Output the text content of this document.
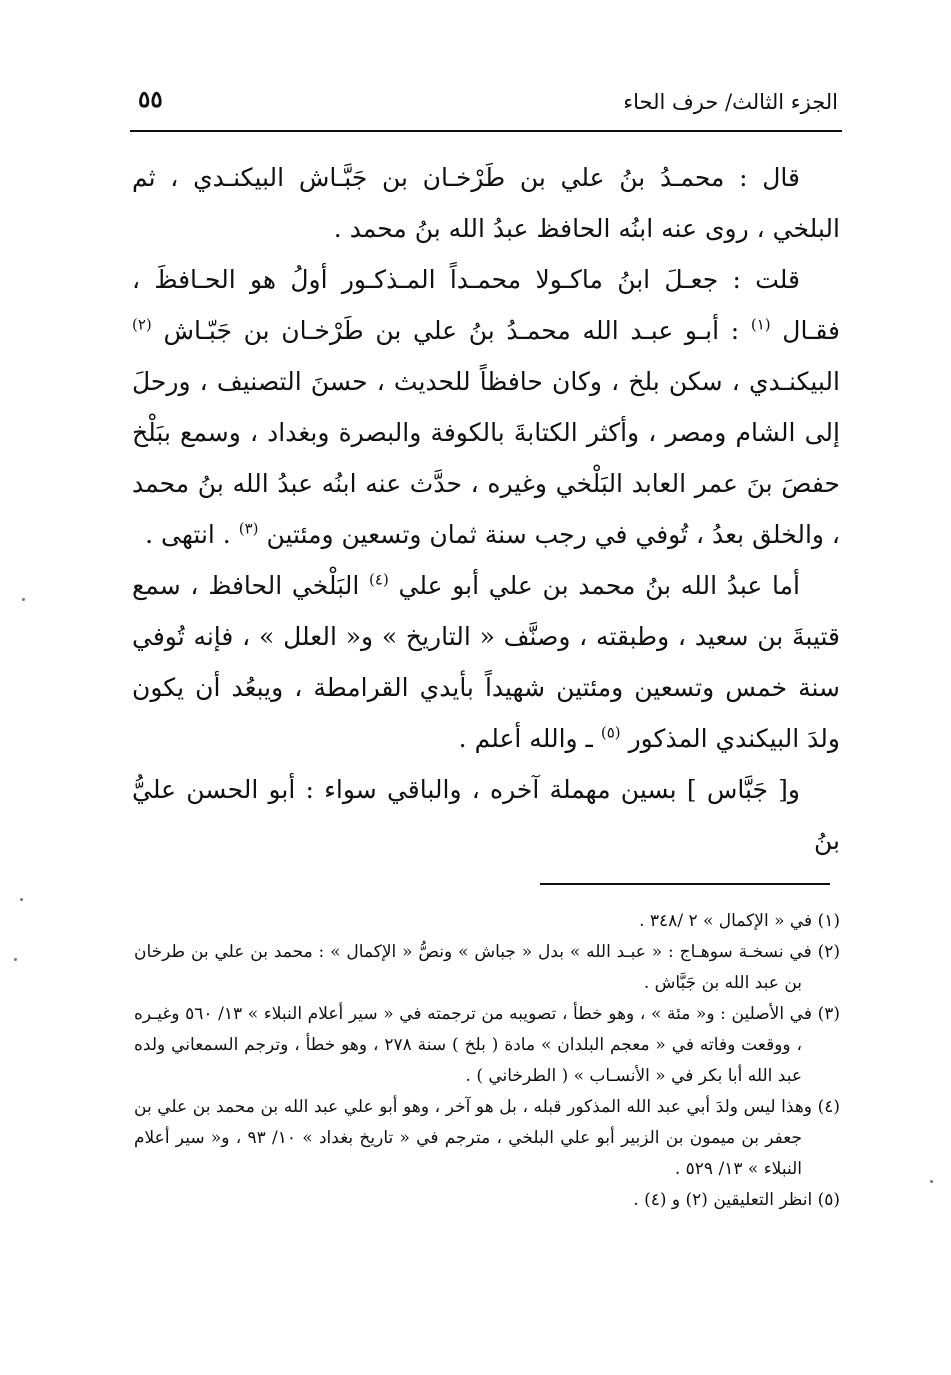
الجزء الثالث/ حرف الحاء
٥٥

قال : محمـدُ بنُ علي بن طَرْخـان بن جَبَّـاش البيكنـدي ، ثم البلخي ، روى عنه ابنُه الحافظ عبدُ الله بنُ محمد .

قلت : جعـلَ ابنُ ماكـولا محمـداً المـذكـور أولُ هو الحـافظَ ، فقـال $^{(١)}$ : أبـو عبـد الله محمـدُ بنُ علي بن طَرْخـان بن جَبّـاش $^{(٢)}$ البيكنـدي ، سكن بلخ ، وكان حافظاً للحديث ، حسنَ التصنيف ، ورحلَ إلى الشام ومصر ، وأكثر الكتابةَ بالكوفة والبصرة وبغداد ، وسمع ببَلْخ حفصَ بنَ عمر العابد البَلْخي وغيره ، حدَّث عنه ابنُه عبدُ الله بنُ محمد ، والخلق بعدُ ، تُوفي في رجب سنة ثمان وتسعين ومئتين $^{(٣)}$ . انتهى .

أما عبدُ الله بنُ محمد بن علي أبو علي $^{(٤)}$ البَلْخي الحافظ ، سمع قتيبةَ بن سعيد ، وطبقته ، وصنَّف « التاريخ » و« العلل » ، فإنه تُوفي سنة خمس وتسعين ومئتين شهيداً بأيدي القرامطة ، ويبعُد أن يكون ولدَ البيكندي المذكور $^{(٥)}$ ـ والله أعلم .

و[ جَبَّاس ] بسين مهملة آخره ، والباقي سواء : أبو الحسن عليُّ بنُ

(١) في « الإكمال » ٢ /٣٤٨ .

(٢) في نسخـة سوهـاج : « عبـد الله » بدل « جباش » ونصُّ « الإكمال » : محمد بن علي بن طرخان بن عبد الله بن جَبَّاش .

(٣) في الأصلين : و« مئة » ، وهو خطأ ، تصويبه من ترجمته في « سير أعلام النبلاء » ١٣/ ٥٦٠ وغيـره ، ووقعت وفاته في « معجم البلدان » مادة ( بلخ ) سنة ٢٧٨ ، وهو خطأ ، وترجم السمعاني ولده عبد الله أبا بكر في « الأنسـاب » ( الطرخاني ) .

(٤) وهذا ليس ولدَ أبي عبد الله المذكور قبله ، بل هو آخر ، وهو أبو علي عبد الله بن محمد بن علي بن جعفر بن ميمون بن الزبير أبو علي البلخي ، مترجم في « تاريخ بغداد » ١٠/ ٩٣ ، و« سير أعلام النبلاء » ١٣/ ٥٢٩ .

(٥) انظر التعليقين (٢) و (٤) .
